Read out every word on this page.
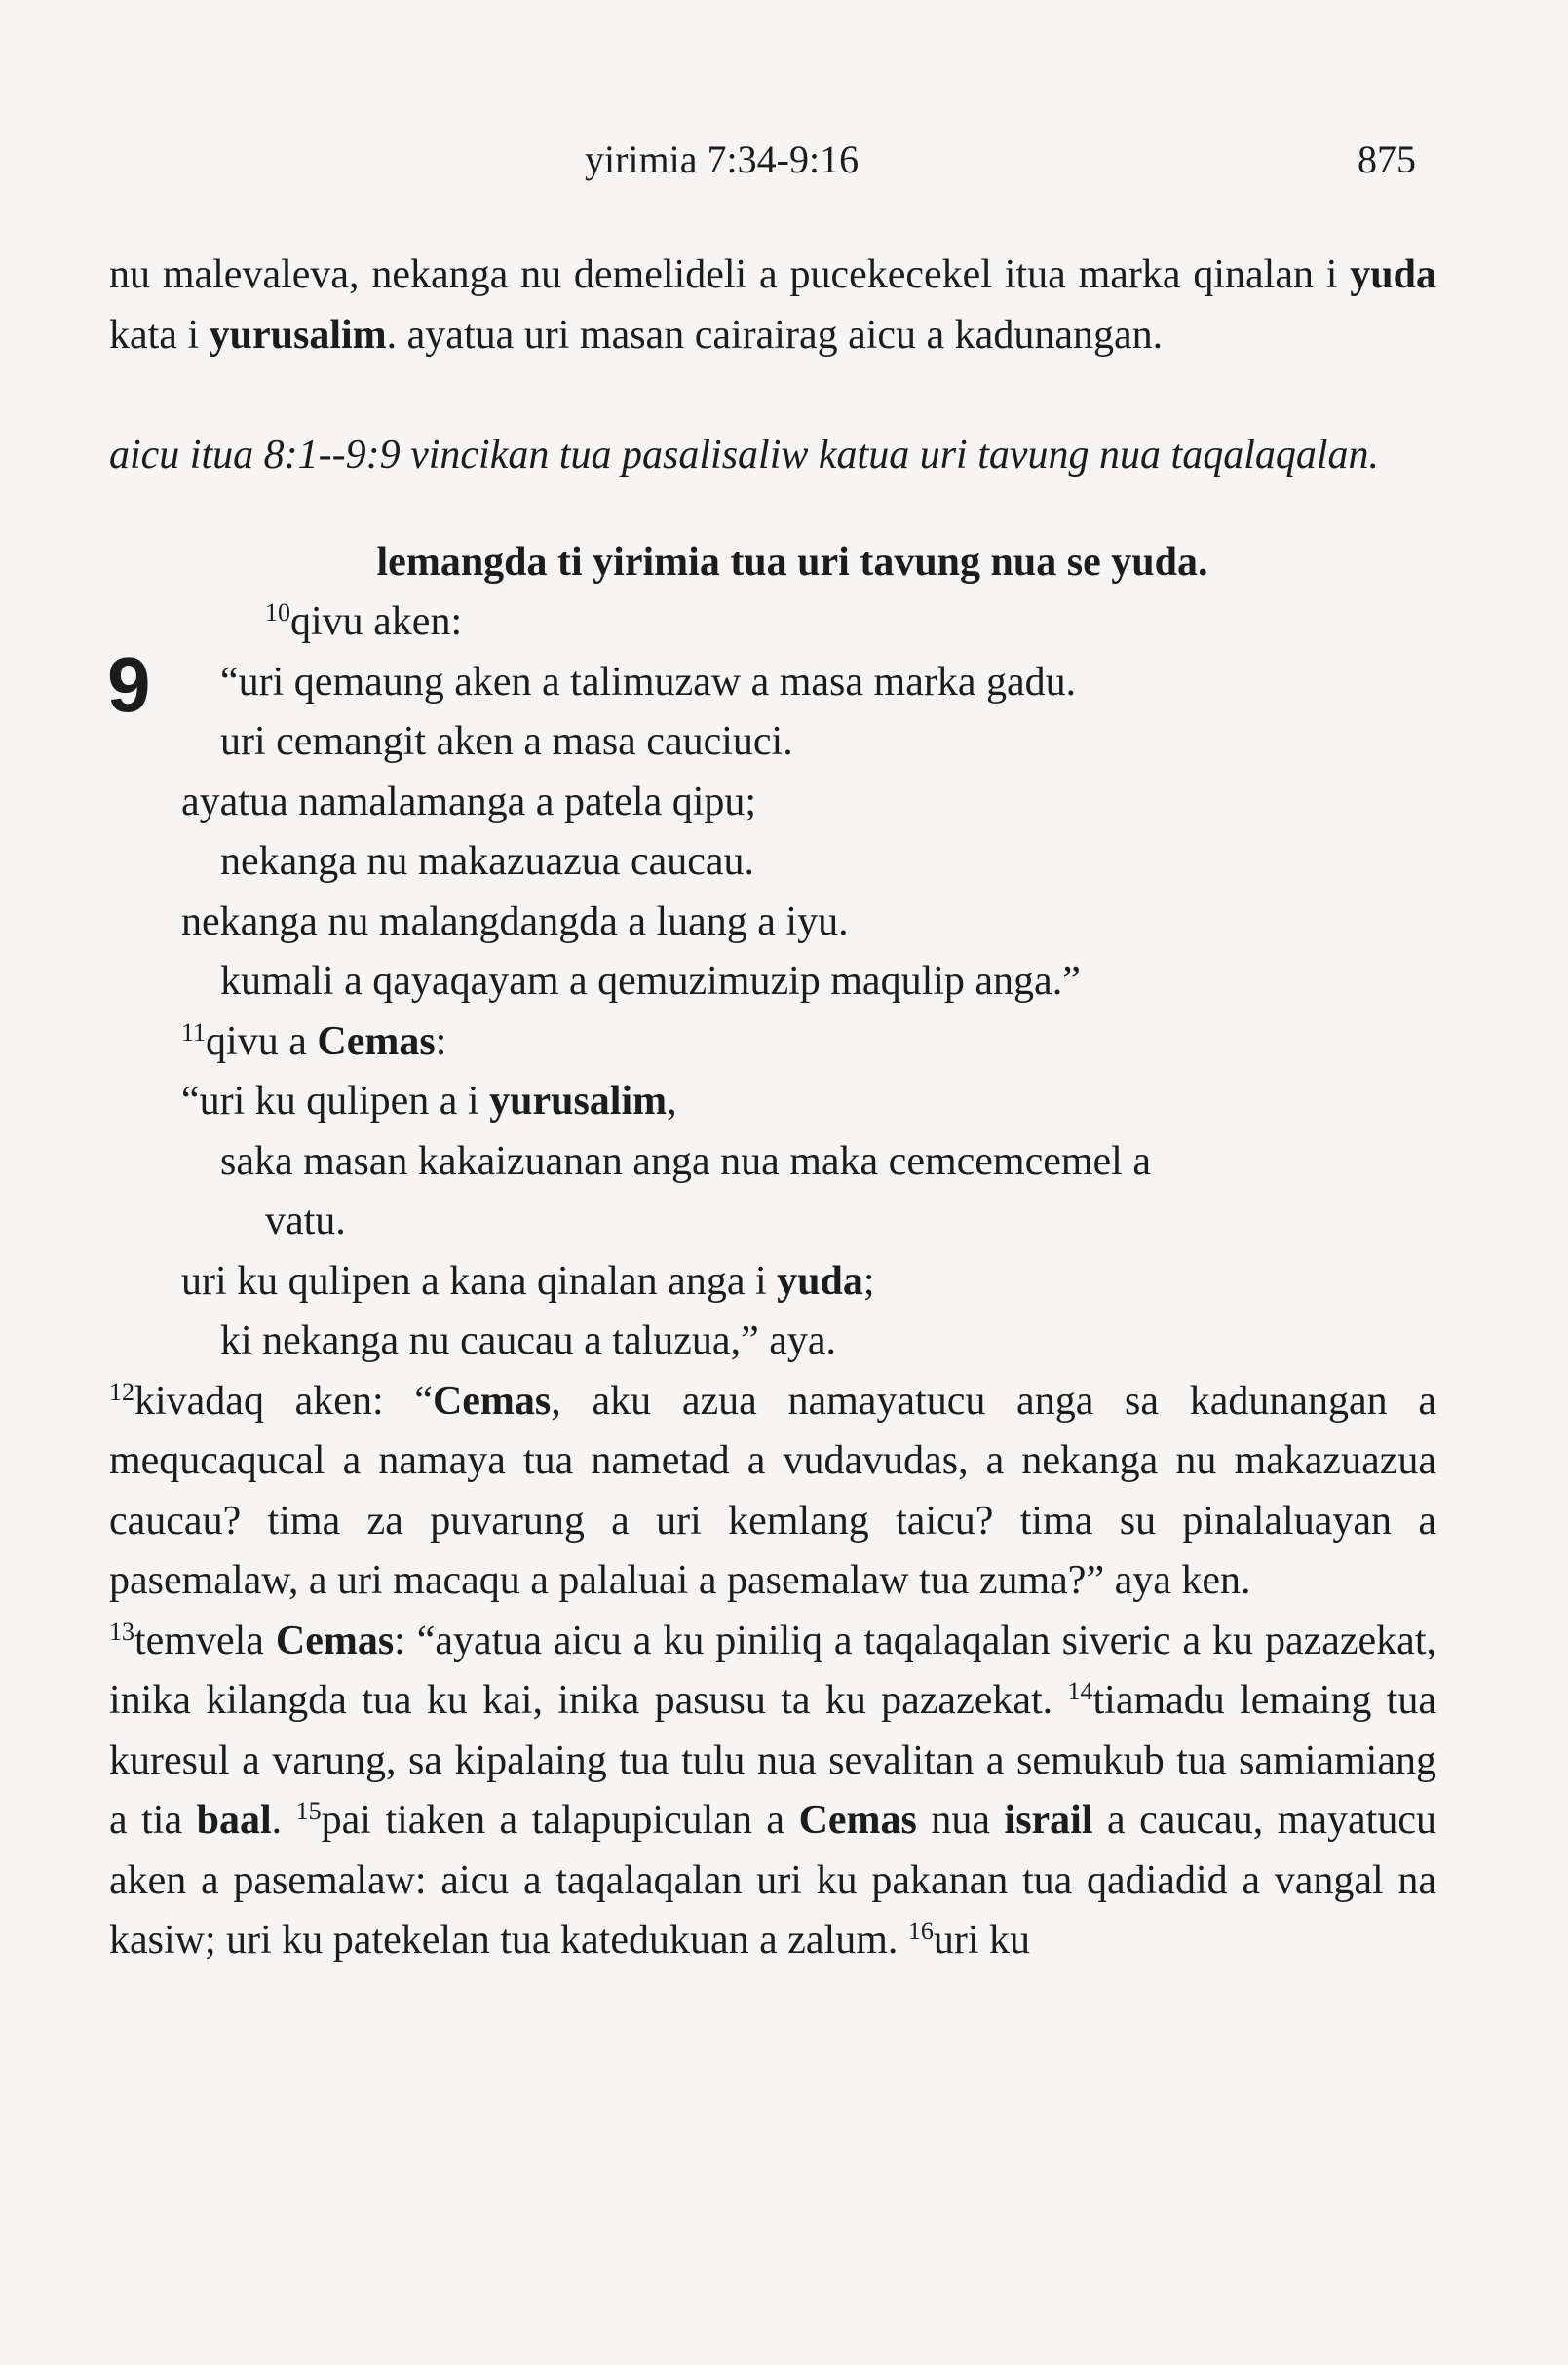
yirimia 7:34-9:16	875

nu malevaleva, nekanga nu demelideli a pucekecekel itua marka qinalan i yuda kata i yurusalim. ayatua uri masan cairairag aicu a kadunangan.

aicu itua 8:1--9:9 vincikan tua pasalisaliw katua uri tavung nua taqalaqalan.

lemangda ti yirimia tua uri tavung nua se yuda.

9
$^{10}$qivu aken:
“uri qemaung aken a talimuzaw a masa marka gadu.
uri cemangit aken a masa cauciuci.
ayatua namalamanga a patela qipu;
nekanga nu makazuazua caucau.
nekanga nu malangdangda a luang a iyu.
kumali a qayaqayam a qemuzimuzip maqulip anga.”
$^{11}$qivu a Cemas:
“uri ku qulipen a i yurusalim,
saka masan kakaizuanan anga nua maka cemcemcemel a
vatu.
uri ku qulipen a kana qinalan anga i yuda;
ki nekanga nu caucau a taluzua,” aya.

$^{12}$kivadaq aken: “Cemas, aku azua namayatucu anga sa kadunangan a mequcaqucal a namaya tua nametad a vudavudas, a nekanga nu makazuazua caucau? tima za puvarung a uri kemlang taicu? tima su pinalaluayan a pasemalaw, a uri macaqu a palaluai a pasemalaw tua zuma?” aya ken.

$^{13}$temvela Cemas: “ayatua aicu a ku piniliq a taqalaqalan siveric a ku pazazekat, inika kilangda tua ku kai, inika pasusu ta ku pazazekat. $^{14}$tiamadu lemaing tua kuresul a varung, sa kipalaing tua tulu nua sevalitan a semukub tua samiamiang a tia baal. $^{15}$pai tiaken a talapupiculan a Cemas nua israil a caucau, mayatucu aken a pasemalaw: aicu a taqalaqalan uri ku pakanan tua qadiadid a vangal na kasiw; uri ku patekelan tua katedukuan a zalum. $^{16}$uri ku
